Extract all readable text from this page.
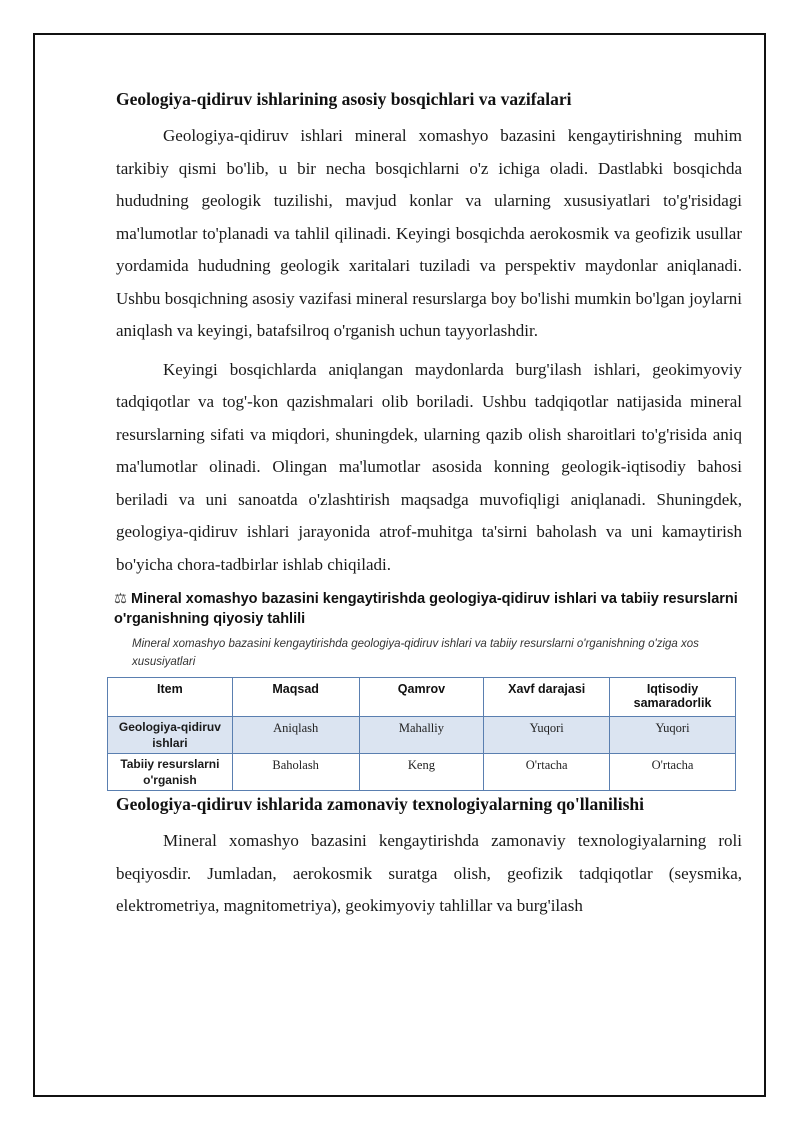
Geologiya-qidiruv ishlarining asosiy bosqichlari va vazifalari

Geologiya-qidiruv ishlari mineral xomashyo bazasini kengaytirishning muhim tarkibiy qismi bo'lib, u bir necha bosqichlarni o'z ichiga oladi. Dastlabki bosqichda hududning geologik tuzilishi, mavjud konlar va ularning xususiyatlari to'g'risidagi ma'lumotlar to'planadi va tahlil qilinadi. Keyingi bosqichda aerokosmik va geofizik usullar yordamida hududning geologik xaritalari tuziladi va perspektiv maydonlar aniqlanadi. Ushbu bosqichning asosiy vazifasi mineral resurslarga boy bo'lishi mumkin bo'lgan joylarni aniqlash va keyingi, batafsilroq o'rganish uchun tayyorlashdir.

Keyingi bosqichlarda aniqlangan maydonlarda burg'ilash ishlari, geokimyoviy tadqiqotlar va tog'-kon qazishmalari olib boriladi. Ushbu tadqiqotlar natijasida mineral resurslarning sifati va miqdori, shuningdek, ularning qazib olish sharoitlari to'g'risida aniq ma'lumotlar olinadi. Olingan ma'lumotlar asosida konning geologik-iqtisodiy bahosi beriladi va uni sanoatda o'zlashtirish maqsadga muvofiqligi aniqlanadi. Shuningdek, geologiya-qidiruv ishlari jarayonida atrof-muhitga ta'sirni baholash va uni kamaytirish bo'yicha chora-tadbirlar ishlab chiqiladi.

⚖ Mineral xomashyo bazasini kengaytirishda geologiya-qidiruv ishlari va tabiiy resurslarni o'rganishning qiyosiy tahlili
Mineral xomashyo bazasini kengaytirishda geologiya-qidiruv ishlari va tabiiy resurslarni o'rganishning o'ziga xos xususiyatlari
Item	Maqsad	Qamrov	Xavf darajasi	Iqtisodiy samaradorlik
Geologiya-qidiruv ishlari	Aniqlash	Mahalliy	Yuqori	Yuqori
Tabiiy resurslarni o'rganish	Baholash	Keng	O'rtacha	O'rtacha
Geologiya-qidiruv ishlarida zamonaviy texnologiyalarning qo'llanilishi

Mineral xomashyo bazasini kengaytirishda zamonaviy texnologiyalarning roli beqiyosdir. Jumladan, aerokosmik suratga olish, geofizik tadqiqotlar (seysmika, elektrometriya, magnitometriya), geokimyoviy tahlillar va burg'ilash
